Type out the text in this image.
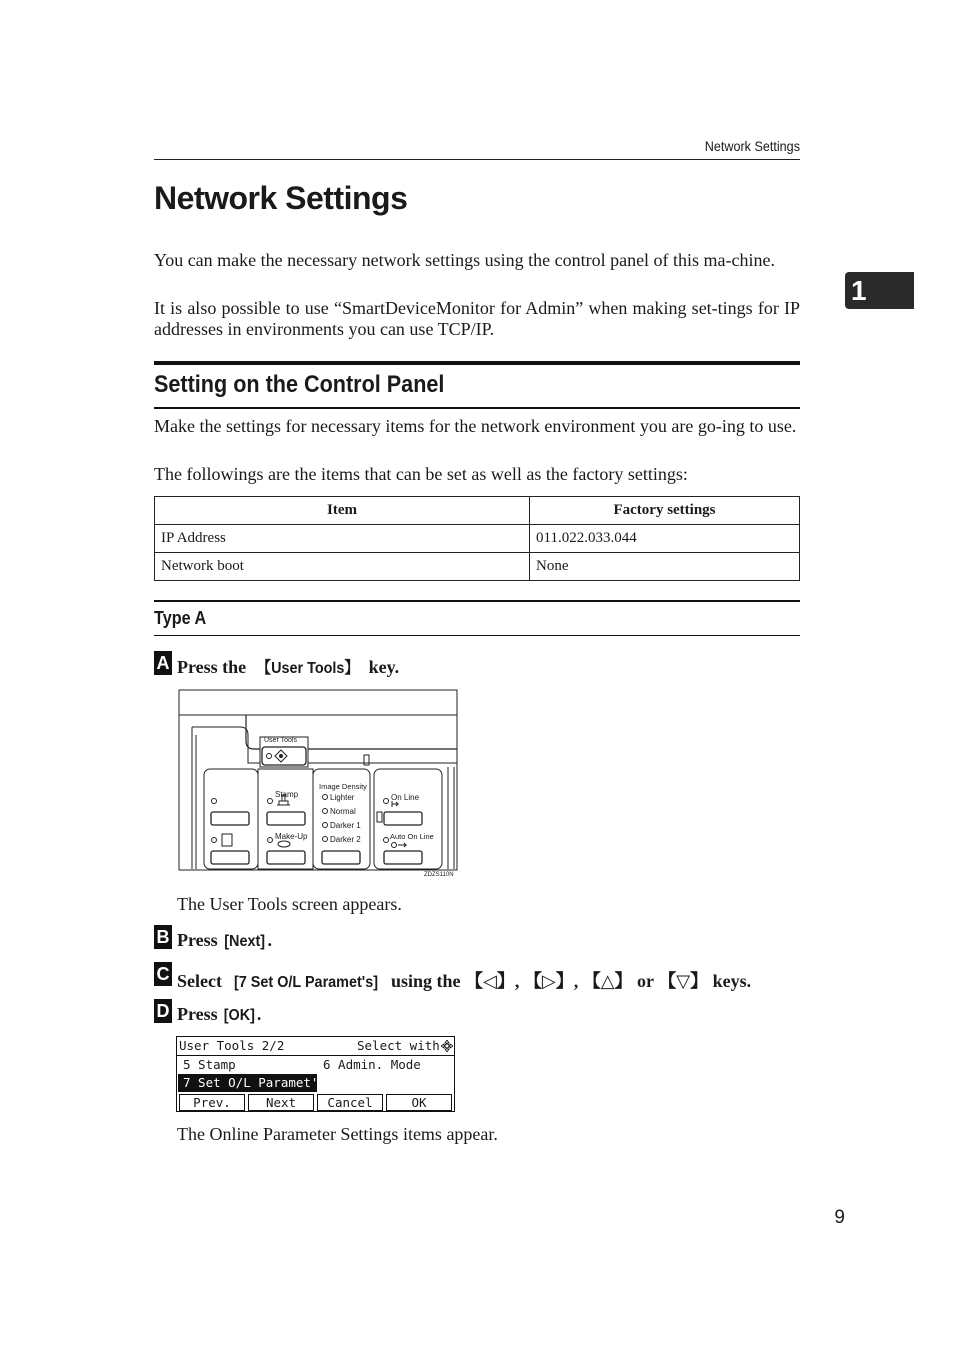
Network Settings
1
Network Settings

You can make the necessary network settings using the control panel of this ma-chine.

It is also possible to use “SmartDeviceMonitor for Admin” when making set-tings for IP addresses in environments you can use TCP/IP.

Setting on the Control Panel

Make the settings for necessary items for the network environment you are go-ing to use.

The followings are the items that can be set as well as the factory settings:

Item	Factory settings
IP Address	011.022.033.044
Network boot	None
Type A
A Press the 【User Tools】 key.
User Tools
Stamp
Make-Up
Image Density
Lighter
Normal
Darker 1
Darker 2
On Line
Auto On Line
ZDZS110N

The User Tools screen appears.

B Press [Next] .
C Select [7 Set O/L Paramet's] using the 【◁】, 【▷】, 【△】 or 【▽】 keys.
D Press [OK].
User Tools 2/2	Select with
5 Stamp	6 Admin. Mode
7 Set O/L Paramet's
Prev.	Next	Cancel	OK

The Online Parameter Settings items appear.

9
